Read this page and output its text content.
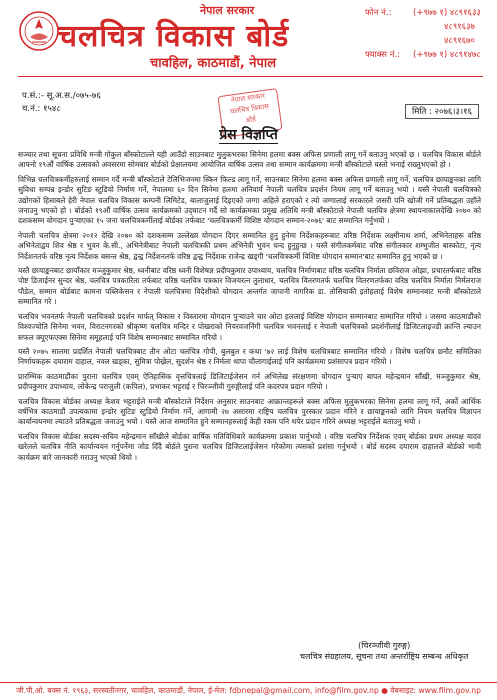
नेपाल सरकार
चलचित्र विकास बोर्ड
चावहिल, काठमाडौं, नेपाल
फोन नं.:	(+९७७ १) ४८९१६३३
४८९१६३७
४८९१६७०
फ्याक्स नं.:	(+९७७ १) ४८९१४७८
प.सं.:- सू.अ.स./०७५-७६
च.नं.: १५४८
नेपाल सरकार
चलचित्र विकास
बोर्ड
मिति : २०७६।३।१६
प्रेस विज्ञप्ति

सञ्चार तथा सूचना प्रविधि मन्त्री गोकुल बाँस्कोटाल्ले यही आउँदो साउनबाट मुलुकभरका सिनेमा हलमा बक्स अफिस प्रणाली लागू गर्ने बताउनु भएको छ । चलचित्र विकास बोर्डले आफ्नो १९औं वार्षिक उत्सवको अवसरमा सोमबार बोर्डको प्रेक्षालयमा आयोजित वार्षिक उत्सव तथा सम्मान कार्यक्रममा मन्त्री बाँस्कोटाले यस्तो भनाई राख्नुभएको हो ।

विभिन्न चलचित्रकर्मीहरुलाई सम्मान गर्दै मन्त्री बाँस्कोटाले टेलिभिजनमा स्किन फिल्ड लागू गर्ने, साउनबाट सिनेमा हलमा बक्स अफिस प्रणाली लागू गर्ने, चलचित्र छायाङ्कनका लागि सुविधा सम्पन्न इन्डोर सुटिङ स्टुडियो निर्माण गर्ने, नेपालमा ६० दिन सिनेमा हलमा अनिवार्य नेपाली चलचित्र प्रदर्शन नियम लागू गर्ने बताउनु भयो । यस्तै नेपाली चलचित्रको उद्योगको हिसाबले हेरी नेपाल चलचित्र विकास कम्पनी लिमिटेड, बालाजुलाई दिइएको जग्गा अहिले हराएको र त्यो जग्गालाई सरकारले जसरी पनि खोजी गर्ने प्रतिबद्धता उहाँले जनाउनु भएको हो । बोर्डको १९औं वार्षिक उत्सव कार्यक्रमको उद्‌घाटन गर्दै सो कार्यक्रमका प्रमुख अतिथि मन्त्री बाँस्कोटाले नेपाली चलचित्र क्षेत्रमा स्थापनाकालदेखि २०७० को दशकसम्म योगदान पुऱ्याएका १५ जना चलचित्रकर्मीलाई बोर्डका तर्फबाट 'चलचित्रकर्मी विशिष्ट योगदान सम्मान-२०७६' बाट सम्मानित गर्नुभयो ।

नेपाली चलचित्र क्षेत्रमा २०१२ देखि २०७० को दशकसम्म उल्लेख्य योगदान दिएर सम्मानित हुनु हुनेमा निर्देशकहरूबाट वरिष्ठ निर्देशक लक्ष्मीनाथ शर्मा, अभिनेताहरू वरिष्ठ अभिनेताद्वय शिव श्रेष्ठ र भुवन के.सी., अभिनेत्रीबाट नेपाली चलचित्रकी प्रथम अभिनेत्री भुवन चन्द हुनुहुन्छ । यस्तै संगीतकर्मबाट वरिष्ठ संगीतकार शम्भुजीत बास्कोटा, नृत्य निर्देशनतर्फ वरिष्ठ नृत्य निर्देशक बसन्त श्रेष्ठ, द्वन्द्व निर्देशनतर्फ वरिष्ठ द्वन्द्व निर्देशक राजेन्द्र खड्गी 'चलचित्रकर्मी विशिष्ट योगदान सम्मान'बाट सम्मानित हुनु भएको छ ।

यस्तै छायाङ्कनबाट छायाँकार मञ्जुकुमार श्रेष्ठ, ध्वनीबाट वरिष्ठ ध्वनी विशेषज्ञ प्रदीपकुमार उपाध्याय, चलचित्र निर्माणबाट वरिष्ठ चलचित्र निर्माता छविराज ओझा, प्रचारतर्फबाट वरिष्ठ पोष्ट डिजाईनर सुन्दर श्रेष्ठ, चलचित्र पत्रकारिता तर्फबाट वरिष्ठ चलचित्र पत्रकार विजयरत्न तुलाधार, चलचित्र वितरणतर्फ चलचित्र वितरणतर्फका वरिष्ठ चलचित्र निर्माता निर्मलराज पौडेल, सम्मान बोर्डबाट कामना पब्लिकेसन र नेपाली चलचित्रमा विदेशीको योगदान अन्तर्गत जापानी नागरिक डा. तोसियाकी इतोहलाई विशेष सम्मानबाट मन्त्री बाँस्कोटाले सम्मानित गरे ।

चलचित्र भवनतर्फ नेपाली चलचित्रको प्रदर्शन मार्फत् विकास र विस्तारमा योगदान पुऱ्याउने चार ओटा हललाई विशिष्ट योगदान सम्मानबाट सम्मानित गरियो । जसमा काठमाडौंको विश्वज्योति सिनेमा भवन, विराटनगरको श्रीकृष्ण चलचित्र मन्दिर र पोखराको नियरवजनिंगी चलचित्र भवनलाई र नेपाली चलचित्रको प्रदर्शनीलाई डिजिटलाइज्डी क्रान्ति ल्याउन सफल क्यूएफएक्स सिनेमा समूहलाई पनि विशेष सम्मानबाट सम्मानित गरियो ।

यस्तै २०७५ सालमा प्रदर्शित नेपाली चलचित्रबाट तीन ओटा चलचित्र गोपी, बुलबुल र कथा '७२ लाई विशेष चलचित्रबाट सम्मानित गरियो । विशेष चलचित्र छनौट समितिका निर्णायकहरू दयाराम दाहाल, नवल खड्का, सुमित्रा पोख्रेल, सुदर्शन श्रेष्ठ र निर्मला थापा चौलागाईलाई पनि कार्यक्रममा प्रशंसापत्र प्रदान गरियो ।

प्रारम्भिक काठमाडौंका पुराना चलचित्र एवम् ऐतिहासिक वृत्तचित्रलाई डिजिटाईजेसन गर्न अभिलेख संरक्षणमा योगदान पुऱ्याए बापत महेन्द्रमान साँखी, मञ्जुकुमार श्रेष्ठ, प्रदीपकुमार उपाध्याय, लोकेन्द्र पराजुली (कपिल), प्रभाकर भट्टराई र चिरञ्जीवी गुरुङ्गीलाई पनि कदरपत्र प्रदान गरियो ।

चलचित्र विकास बोर्डका अध्यक्ष केशव भट्टराईले मन्त्री बाँस्कोटाले निर्देशन अनुसार साउनबाट आक्रान्तहरूले बक्स अफिस मुलुकभरका सिनेमा हलमा लागू गर्ने, अर्को आर्थिक वर्षभित्र काठमाडौं उपत्यकामा इन्डोर सुटिङ स्टुडियो निर्माण गर्ने, आगामी २७ असारमा राष्ट्रिय चलचित्र पुरस्कार प्रदान गरिने र छायाङ्कनको लागि नियम चलचित्र विज्ञापन कार्यान्वयनमा ल्याउने प्रतिबद्धता जनाउनु भयो । यस्तै आज सम्मानित हुने सम्मानहरुलाई केही रकम पनि थपेर प्रदान गरिने अध्यक्ष भट्टराईले बताउनु भयो ।

चलचित्र विकास बोर्डका सदस्य-सचिव महेन्द्रमान साँखीले बोर्डका वार्षिक गतिविधिबारे कार्यक्रममा प्रकाश पार्नुभयो । वरिष्ठ चलचित्र निर्देशक एवम् बोर्डका प्रथम अध्यक्ष यादव खरेलले चलचित्र नीति कार्यान्वयन गर्नुपर्नेमा जोड दिँदै बोर्डले पुराना चलचित्र डिजिटलाईजेसन गरेकोमा त्यसको प्रशंसा गर्नुभयो । बोर्ड सदस्य दयाराम दाहालले बोर्डको भावी कार्यक्रम बारे जानकारी गराउनु भएको थियो ।

(चिरञ्जीवी गुरुङ्ग)
चलचित्र संग्रहालय, सूचना तथा अन्तर्राष्ट्रिय सम्बन्ध अधिकृत
जी.पी.ओ. बक्स नं. १९६३, सरस्वतीनगर, चावहिल, काठमाडौं, नेपाल, ई-मेल: fdbnepal@gmail.com, info@film.gov.np ● वेबसाइट: www.film.gov.np
